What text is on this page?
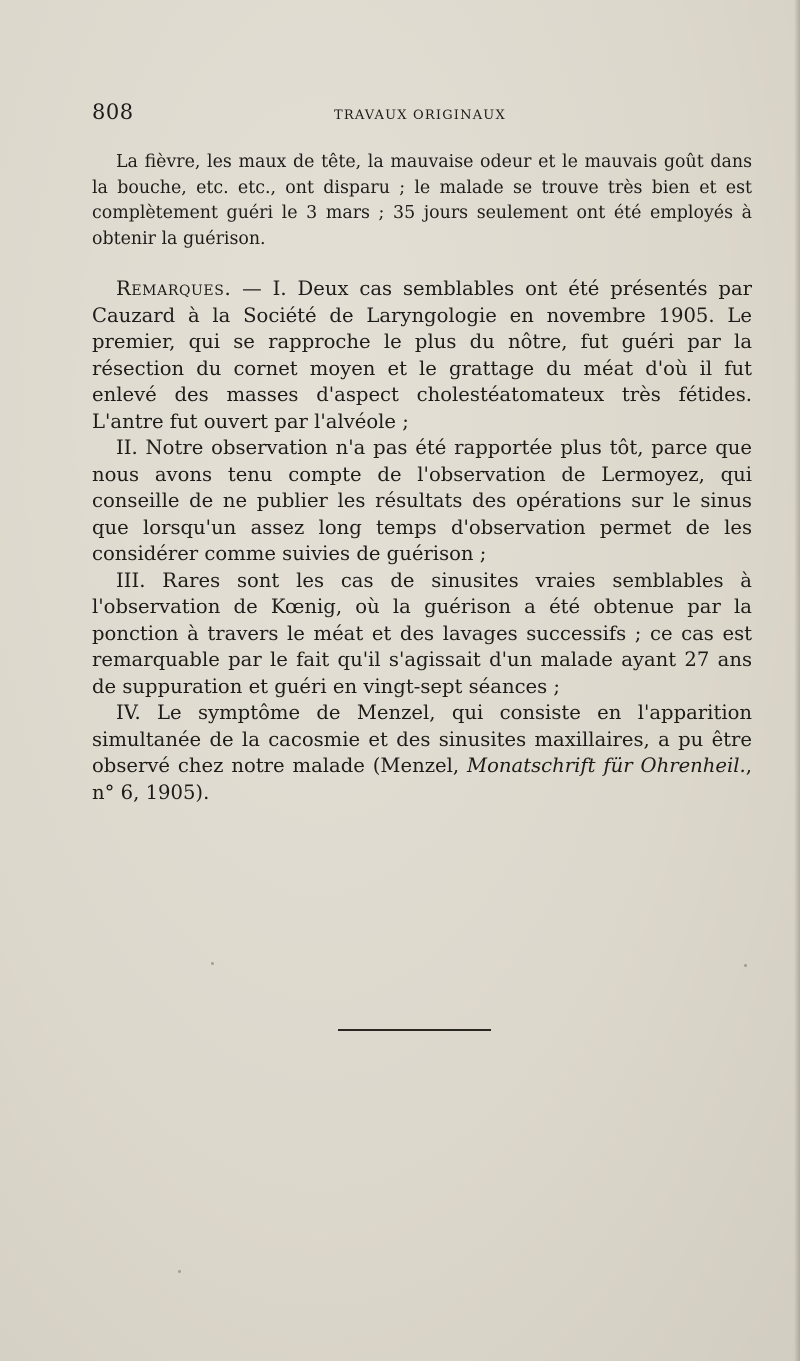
808	TRAVAUX ORIGINAUX

La fièvre, les maux de tête, la mauvaise odeur et le mauvais goût dans la bouche, etc. etc., ont disparu ; le malade se trouve très bien et est complètement guéri le 3 mars ; 35 jours seulement ont été employés à obtenir la guérison.

Remarques. — I. Deux cas semblables ont été présentés par Cauzard à la Société de Laryngologie en novembre 1905. Le premier, qui se rapproche le plus du nôtre, fut guéri par la résection du cornet moyen et le grattage du méat d'où il fut enlevé des masses d'aspect cholestéatomateux très fétides. L'antre fut ouvert par l'alvéole ;

II. Notre observation n'a pas été rapportée plus tôt, parce que nous avons tenu compte de l'observation de Lermoyez, qui conseille de ne publier les résultats des opérations sur le sinus que lorsqu'un assez long temps d'observation permet de les considérer comme suivies de guérison ;

III. Rares sont les cas de sinusites vraies semblables à l'observation de Kœnig, où la guérison a été obtenue par la ponction à travers le méat et des lavages successifs ; ce cas est remarquable par le fait qu'il s'agissait d'un malade ayant 27 ans de suppuration et guéri en vingt-sept séances ;

IV. Le symptôme de Menzel, qui consiste en l'apparition simultanée de la cacosmie et des sinusites maxillaires, a pu être observé chez notre malade (Menzel, Monatschrift für Ohrenheil., n° 6, 1905).
